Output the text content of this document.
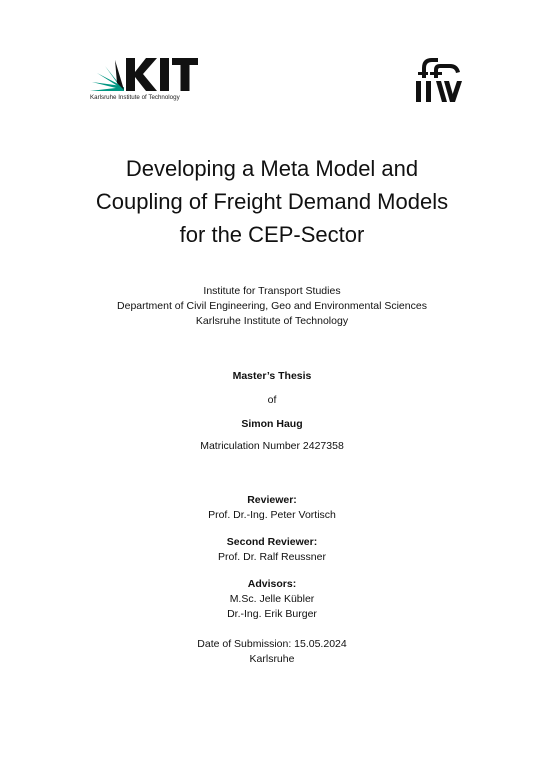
Karlsruhe Institute of Technology
Developing a Meta Model and
Coupling of Freight Demand Models
for the CEP-Sector
Institute for Transport Studies
Department of Civil Engineering, Geo and Environmental Sciences
Karlsruhe Institute of Technology
Master’s Thesis
of
Simon Haug
Matriculation Number 2427358
Reviewer:
Prof. Dr.-Ing. Peter Vortisch
Second Reviewer:
Prof. Dr. Ralf Reussner
Advisors:
M.Sc. Jelle Kübler
Dr.-Ing. Erik Burger
Date of Submission: 15.05.2024
Karlsruhe
